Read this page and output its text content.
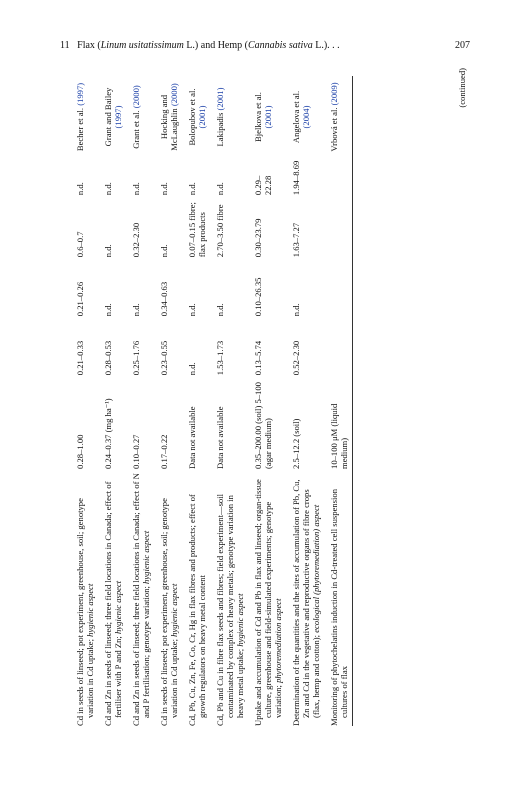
11 Flax (Linum usitatissimum L.) and Hemp (Cannabis sativa L.). . .	207
Cd in seeds of linseed; pot experiment, greenhouse, soil; genotype variation in Cd uptake; hygienic aspect	0.28–1.00	0.21–0.33	0.21–0.26	0.6–0.7	n.d.	Becher et al. (1997)

Cd and Zn in seeds of linseed; three field locations in Canada; effect of fertiliser with P and Zn; hygienic aspect	0.24–0.37 (mg ha⁻¹)	0.28–0.53	n.d.	n.d.	n.d.	Grant and Bailey (1997)

Cd and Zn in seeds of linseed; three field locations in Canada; effect of N and P fertilisation; genotype variation; hygienic aspect	0.10–0.27	0.25–1.76	n.d.	0.32–2.30	n.d.	Grant et al. (2000)

Cd in seeds of linseed; pot experiment, greenhouse, soil; genotype variation in Cd uptake; hygienic aspect	0.17–0.22	0.23–0.55	0.34–0.63	n.d.	n.d.	Hocking and McLaughlin (2000)

Cd, Pb, Cu, Zn, Fe, Co, Cr, Hg in flax fibres and products; effect of growth regulators on heavy metal content	Data not available	n.d.	n.d.	0.07–0.15 fibre; flax products	n.d.	Bolopubov et al. (2001)

Cd, Pb and Cu in fibre flax seeds and fibres; field experiment—soil contaminated by complex of heavy metals; genotype variation in heavy metal uptake; hygienic aspect	Data not available	1.53–1.73	n.d.	2.70–3.50 fibre	n.d.	Lakipadis (2001)

Uptake and accumulation of Cd and Pb in flax and linseed; organ-tissue culture, greenhouse and field-simulated experiments; genotype variation; phytoremediation aspect	0.35–200.00 (soil) 5–100 (agar medium)	0.13–5.74	0.10–26.35	0.30–23.79	0.29–22.28	Bjelkova et al. (2001)

Determination of the quantities and the sites of accumulation of Pb, Cu, Zn and Cd in the vegetative and reproductive organs of fibre crops (flax, hemp and cotton); ecological (phytoremediation) aspect	2.5–12.2 (soil)	0.52–2.30	n.d.	1.63–7.27	1.94–8.69	Angelova et al. (2004)

Monitoring of phytochelatins induction in Cd-treated cell suspension cultures of flax	10–100 μM (liquid medium)					Vrbová et al. (2009)	(continued)
